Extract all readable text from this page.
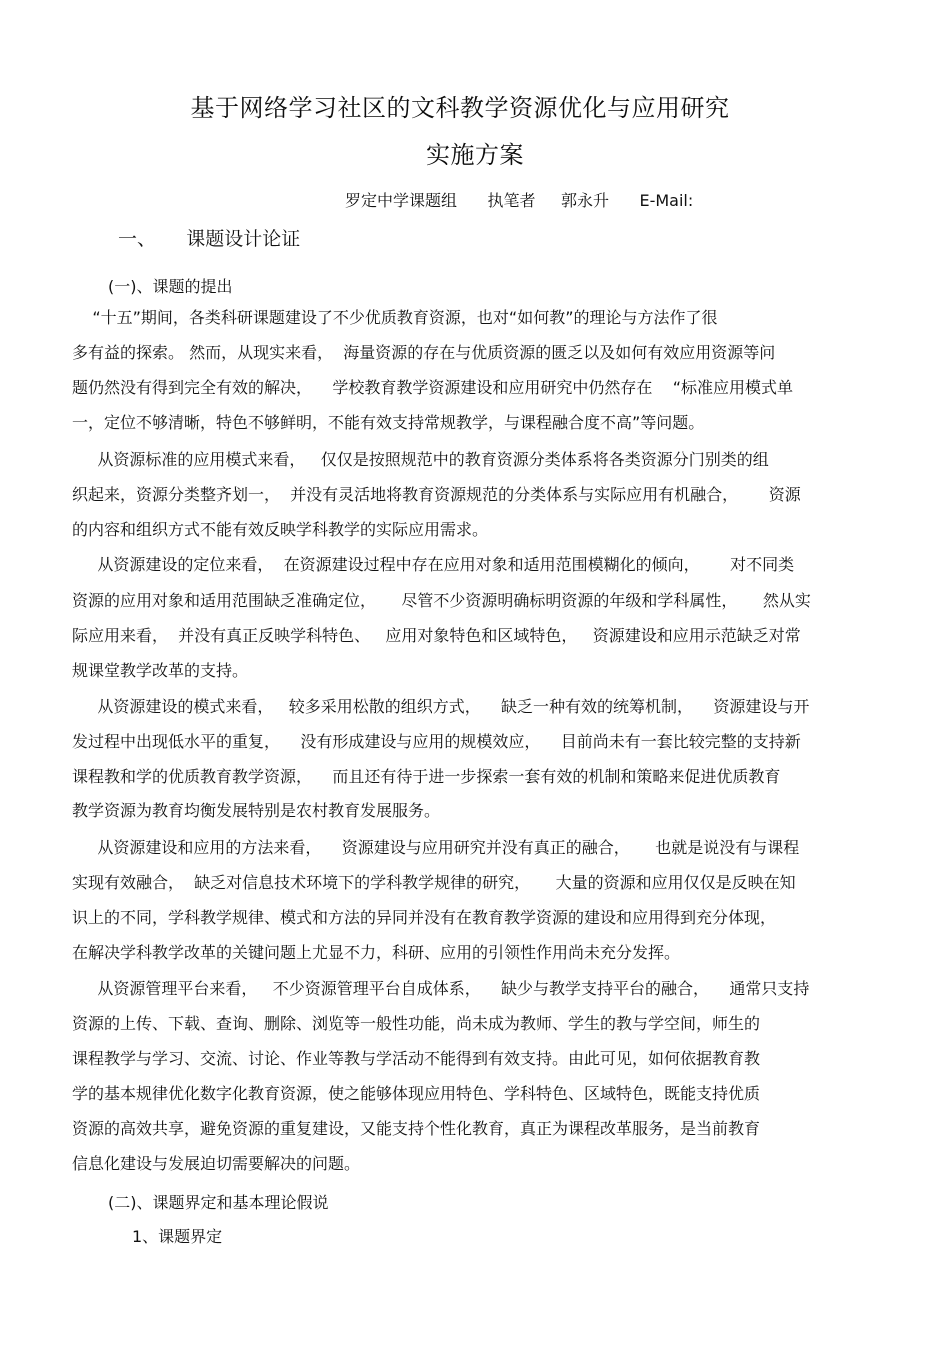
基于网络学习社区的文科教学资源优化与应用研究
实施方案
罗定中学课题组      执笔者     郭永升      E-Mail:
一、     课题设计论证
(一)、课题的提出
“十五”期间，各类科研课题建设了不少优质教育资源，也对“如何教”的理论与方法作了很
多有益的探索。 然而，从现实来看，  海量资源的存在与优质资源的匮乏以及如何有效应用资源等问
题仍然没有得到完全有效的解决，    学校教育教学资源建设和应用研究中仍然存在    “标准应用模式单
一，定位不够清晰，特色不够鲜明，不能有效支持常规教学，与课程融合度不高”等问题。
从资源标准的应用模式来看，   仅仅是按照规范中的教育资源分类体系将各类资源分门别类的组
织起来，资源分类整齐划一，  并没有灵活地将教育资源规范的分类体系与实际应用有机融合，      资源
的内容和组织方式不能有效反映学科教学的实际应用需求。
从资源建设的定位来看，  在资源建设过程中存在应用对象和适用范围模糊化的倾向，      对不同类
资源的应用对象和适用范围缺乏准确定位，     尽管不少资源明确标明资源的年级和学科属性，     然从实
际应用来看，  并没有真正反映学科特色、   应用对象特色和区域特色，   资源建设和应用示范缺乏对常
规课堂教学改革的支持。
从资源建设的模式来看，   较多采用松散的组织方式，    缺乏一种有效的统筹机制，    资源建设与开
发过程中出现低水平的重复，    没有形成建设与应用的规模效应，    目前尚未有一套比较完整的支持新
课程教和学的优质教育教学资源，    而且还有待于进一步探索一套有效的机制和策略来促进优质教育
教学资源为教育均衡发展特别是农村教育发展服务。
从资源建设和应用的方法来看，    资源建设与应用研究并没有真正的融合，     也就是说没有与课程
实现有效融合，  缺乏对信息技术环境下的学科教学规律的研究，     大量的资源和应用仅仅是反映在知
识上的不同，学科教学规律、模式和方法的异同并没有在教育教学资源的建设和应用得到充分体现，
在解决学科教学改革的关键问题上尤显不力，科研、应用的引领性作用尚未充分发挥。
从资源管理平台来看，   不少资源管理平台自成体系，    缺少与教学支持平台的融合，    通常只支持
资源的上传、下载、查询、删除、浏览等一般性功能，尚未成为教师、学生的教与学空间，师生的
课程教学与学习、交流、讨论、作业等教与学活动不能得到有效支持。由此可见，如何依据教育教
学的基本规律优化数字化教育资源，使之能够体现应用特色、学科特色、区域特色，既能支持优质
资源的高效共享，避免资源的重复建设，又能支持个性化教育，真正为课程改革服务，是当前教育
信息化建设与发展迫切需要解决的问题。
(二)、课题界定和基本理论假说
1、课题界定
